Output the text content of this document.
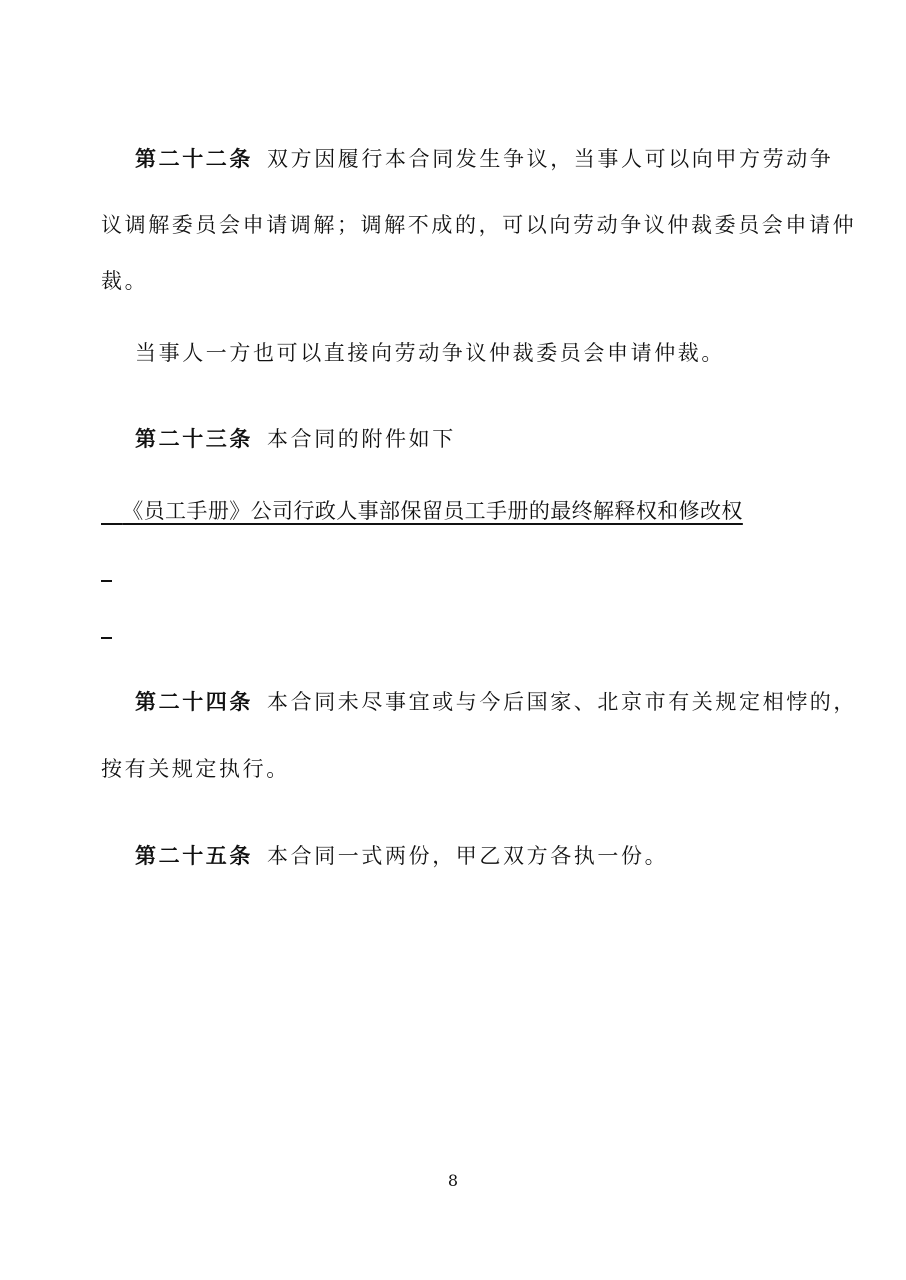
第二十二条 双方因履行本合同发生争议，当事人可以向甲方劳动争
议调解委员会申请调解；调解不成的，可以向劳动争议仲裁委员会申请仲
裁。
当事人一方也可以直接向劳动争议仲裁委员会申请仲裁。
第二十三条 本合同的附件如下
《员工手册》公司行政人事部保留员工手册的最终解释权和修改权
第二十四条 本合同未尽事宜或与今后国家、北京市有关规定相悖的，
按有关规定执行。
第二十五条 本合同一式两份，甲乙双方各执一份。
8
